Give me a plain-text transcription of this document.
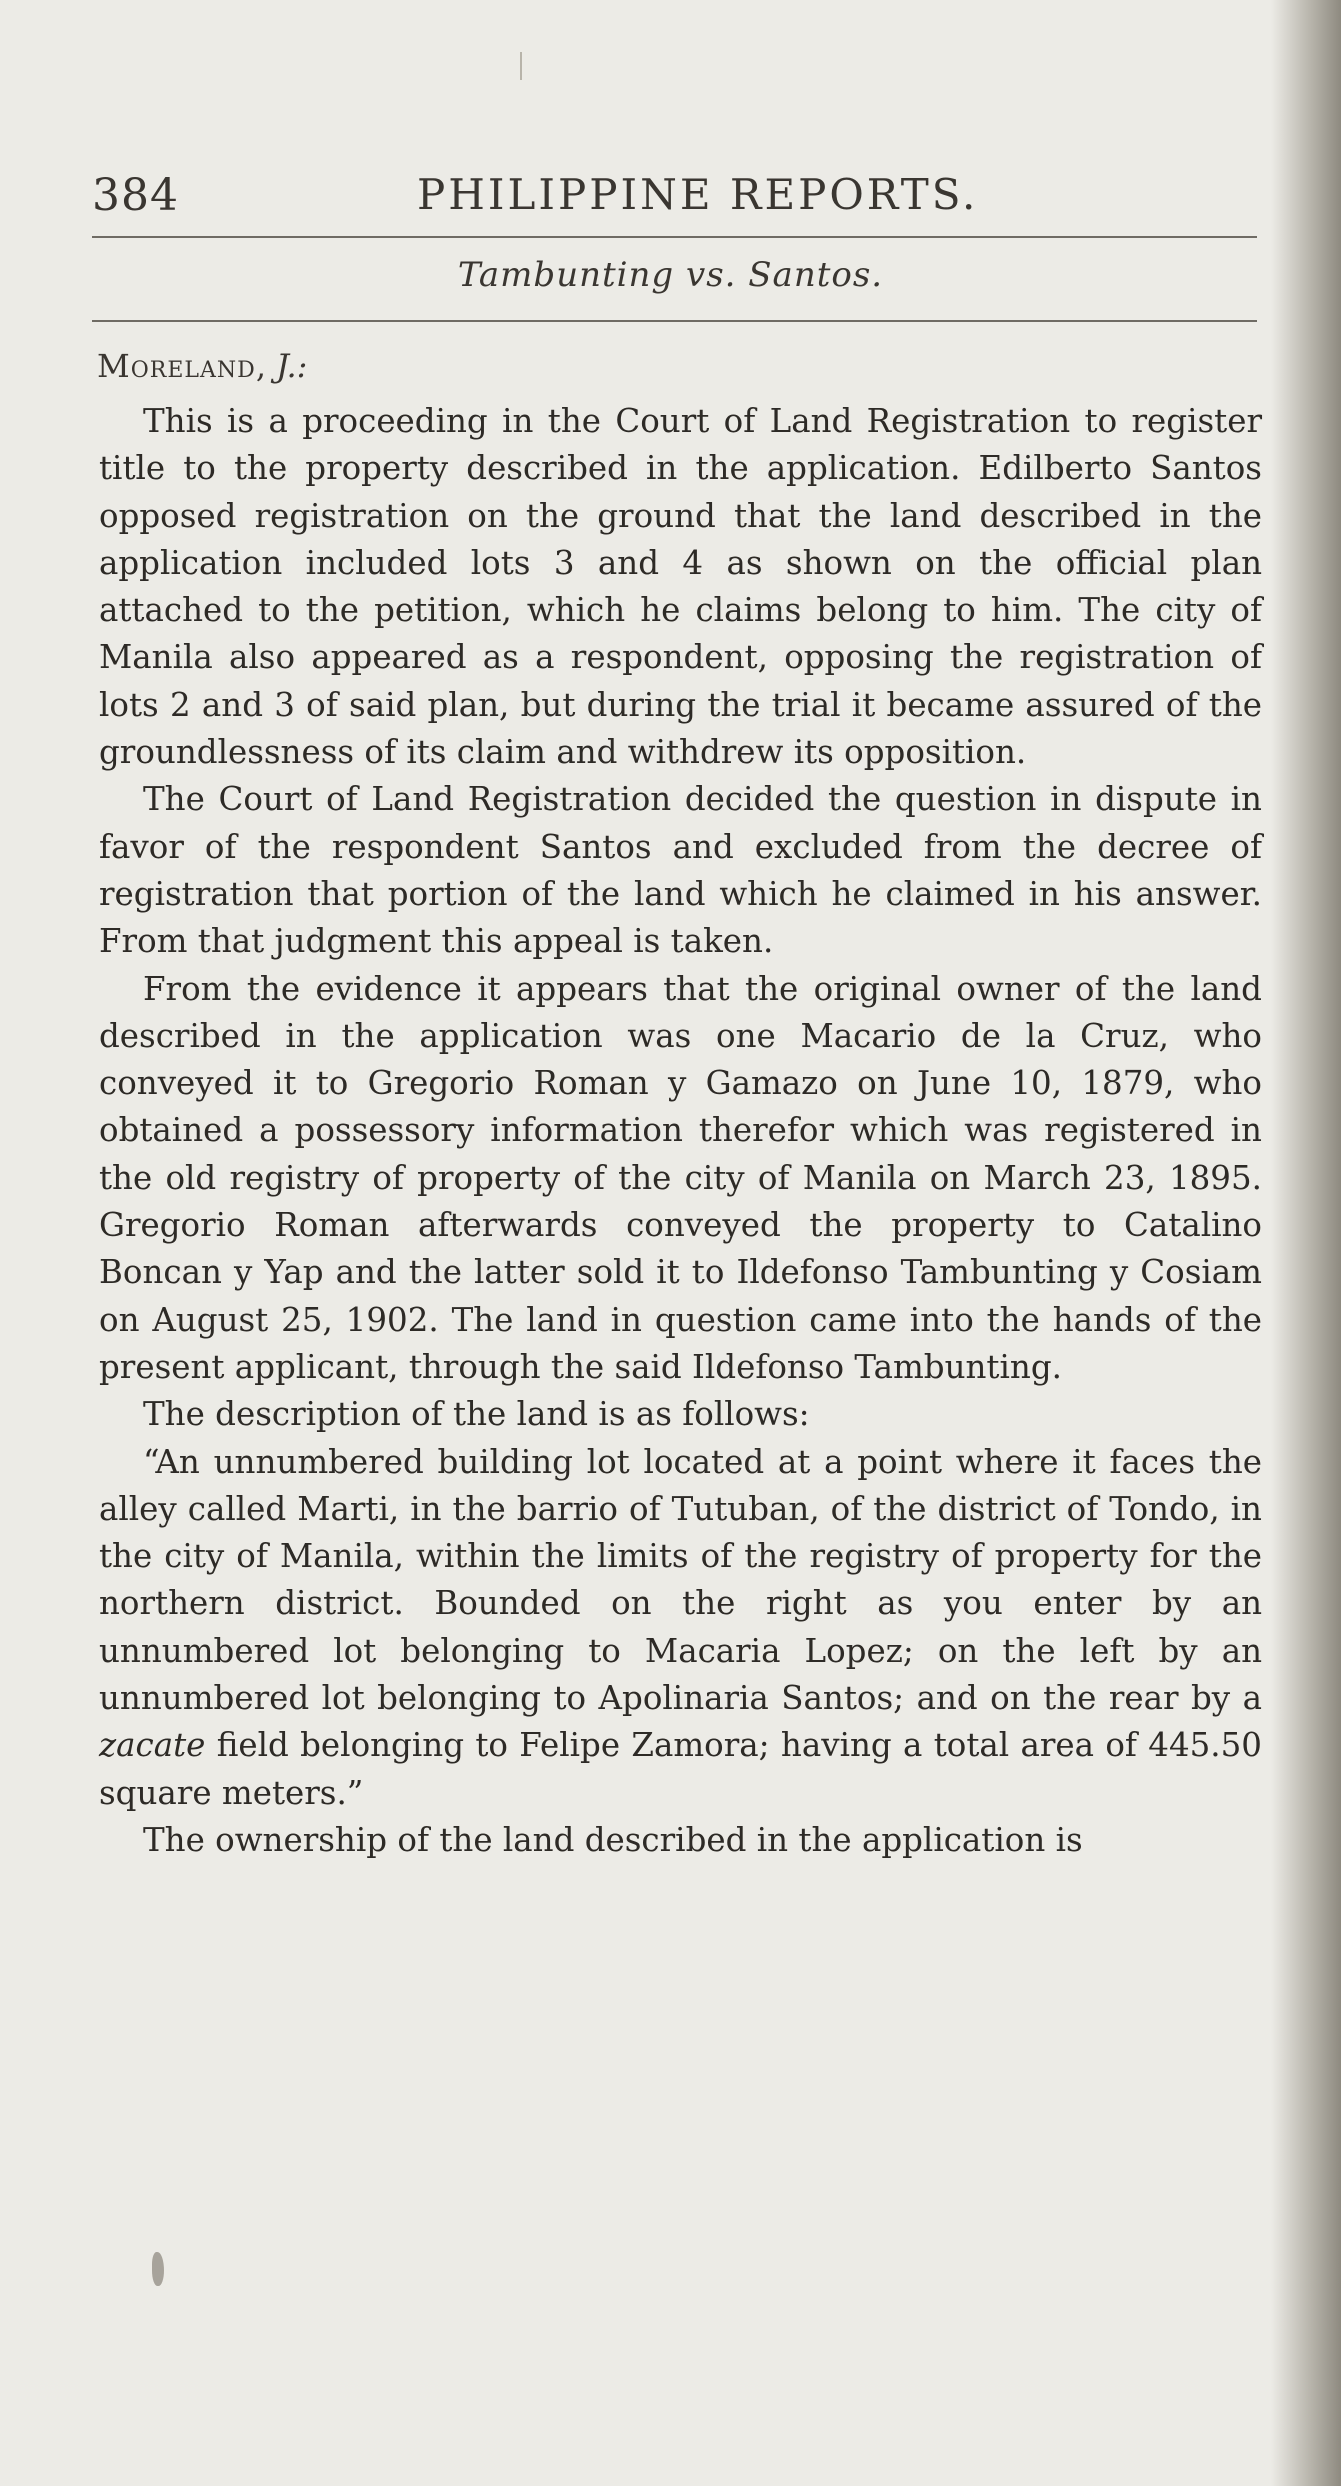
384	PHILIPPINE REPORTS.
Tambunting vs. Santos.
Moreland, J.:

This is a proceeding in the Court of Land Registration to register title to the property described in the application. Edilberto Santos opposed registration on the ground that the land described in the application included lots 3 and 4 as shown on the official plan attached to the petition, which he claims belong to him. The city of Manila also appeared as a respondent, opposing the registration of lots 2 and 3 of said plan, but during the trial it became assured of the groundlessness of its claim and withdrew its opposition.

The Court of Land Registration decided the question in dispute in favor of the respondent Santos and excluded from the decree of registration that portion of the land which he claimed in his answer. From that judgment this appeal is taken.

From the evidence it appears that the original owner of the land described in the application was one Macario de la Cruz, who conveyed it to Gregorio Roman y Gamazo on June 10, 1879, who obtained a possessory information therefor which was registered in the old registry of property of the city of Manila on March 23, 1895. Gregorio Roman afterwards conveyed the property to Catalino Boncan y Yap and the latter sold it to Ildefonso Tambunting y Cosiam on August 25, 1902. The land in question came into the hands of the present applicant, through the said Ildefonso Tambunting.

The description of the land is as follows:

“An unnumbered building lot located at a point where it faces the alley called Marti, in the barrio of Tutuban, of the district of Tondo, in the city of Manila, within the limits of the registry of property for the northern district. Bounded on the right as you enter by an unnumbered lot belonging to Macaria Lopez; on the left by an unnumbered lot belonging to Apolinaria Santos; and on the rear by a zacate field belonging to Felipe Zamora; having a total area of 445.50 square meters.”

The ownership of the land described in the application is
